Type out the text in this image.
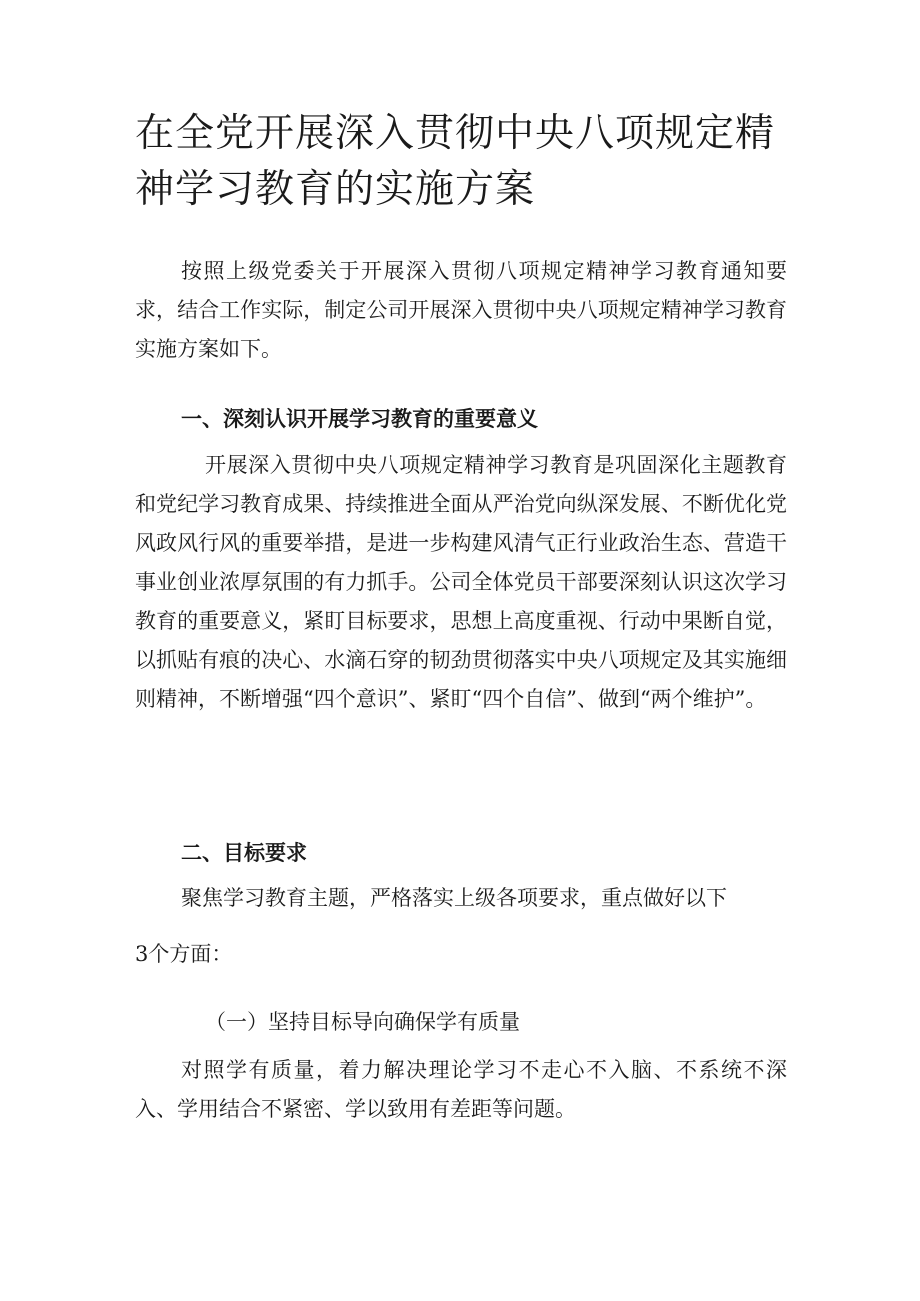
在全党开展深入贯彻中央八项规定精神学习教育的实施方案

按照上级党委关于开展深入贯彻八项规定精神学习教育通知要求，结合工作实际，制定公司开展深入贯彻中央八项规定精神学习教育实施方案如下。

一、深刻认识开展学习教育的重要意义

开展深入贯彻中央八项规定精神学习教育是巩固深化主题教育和党纪学习教育成果、持续推进全面从严治党向纵深发展、不断优化党风政风行风的重要举措，是进一步构建风清气正行业政治生态、营造干事业创业浓厚氛围的有力抓手。公司全体党员干部要深刻认识这次学习教育的重要意义，紧盯目标要求，思想上高度重视、行动中果断自觉，以抓贴有痕的决心、水滴石穿的韧劲贯彻落实中央八项规定及其实施细则精神，不断增强“四个意识”、紧盯“四个自信”、做到“两个维护”。

二、目标要求

聚焦学习教育主题，严格落实上级各项要求，重点做好以下

3个方面：

（一）坚持目标导向确保学有质量

对照学有质量，着力解决理论学习不走心不入脑、不系统不深入、学用结合不紧密、学以致用有差距等问题。
